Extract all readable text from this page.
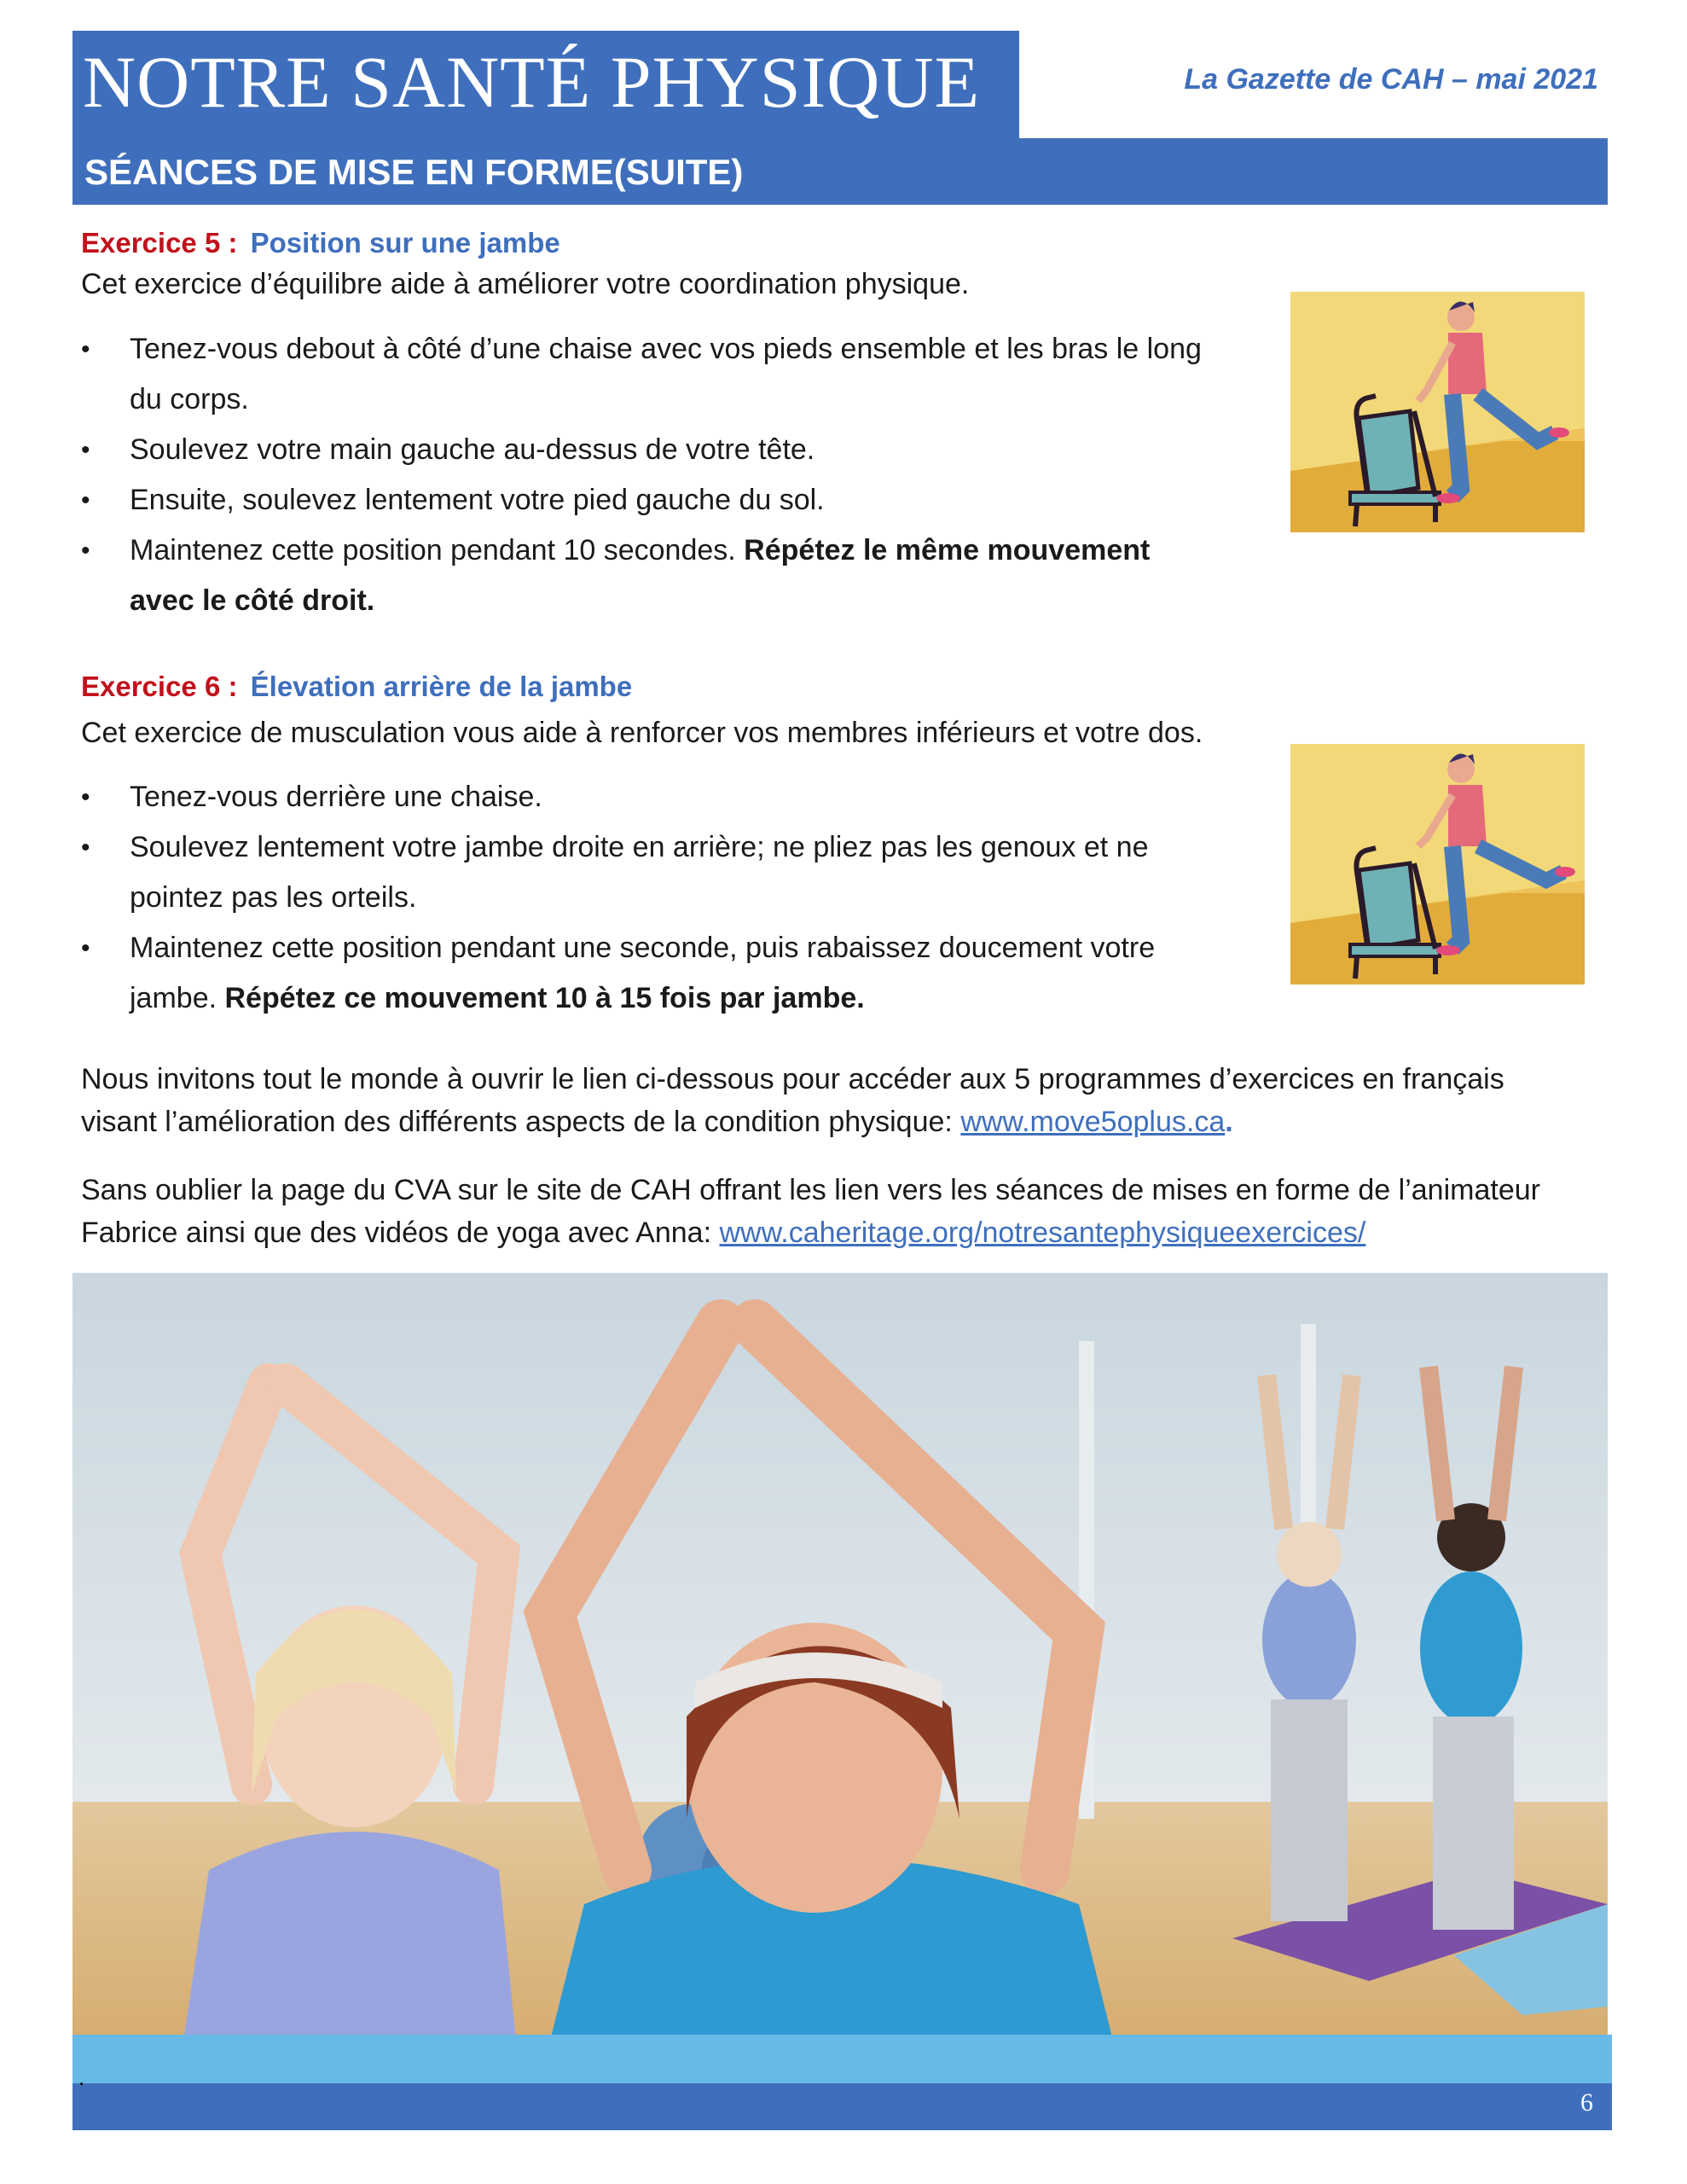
NOTRE SANTÉ PHYSIQUE	La Gazette de CAH – mai 2021
SÉANCES DE MISE EN FORME(SUITE)
Exercice 5 : Position sur une jambe
Cet exercice d’équilibre aide à améliorer votre coordination physique.
• Tenez-vous debout à côté d’une chaise avec vos pieds ensemble et les bras le long
du corps.
• Soulevez votre main gauche au-dessus de votre tête.
• Ensuite, soulevez lentement votre pied gauche du sol.
• Maintenez cette position pendant 10 secondes. Répétez le même mouvement
avec le côté droit.
Exercice 6 : Élevation arrière de la jambe
Cet exercice de musculation vous aide à renforcer vos membres inférieurs et votre dos.
• Tenez-vous derrière une chaise.
• Soulevez lentement votre jambe droite en arrière; ne pliez pas les genoux et ne
pointez pas les orteils.
• Maintenez cette position pendant une seconde, puis rabaissez doucement votre
jambe. Répétez ce mouvement 10 à 15 fois par jambe.
Nous invitons tout le monde à ouvrir le lien ci-dessous pour accéder aux 5 programmes d’exercices en français
visant l’amélioration des différents aspects de la condition physique: www.move5oplus.ca.
Sans oublier la page du CVA sur le site de CAH offrant les lien vers les séances de mises en forme de l’animateur
Fabrice ainsi que des vidéos de yoga avec Anna: www.caheritage.org/notresantephysiqueexercices/
.
6
